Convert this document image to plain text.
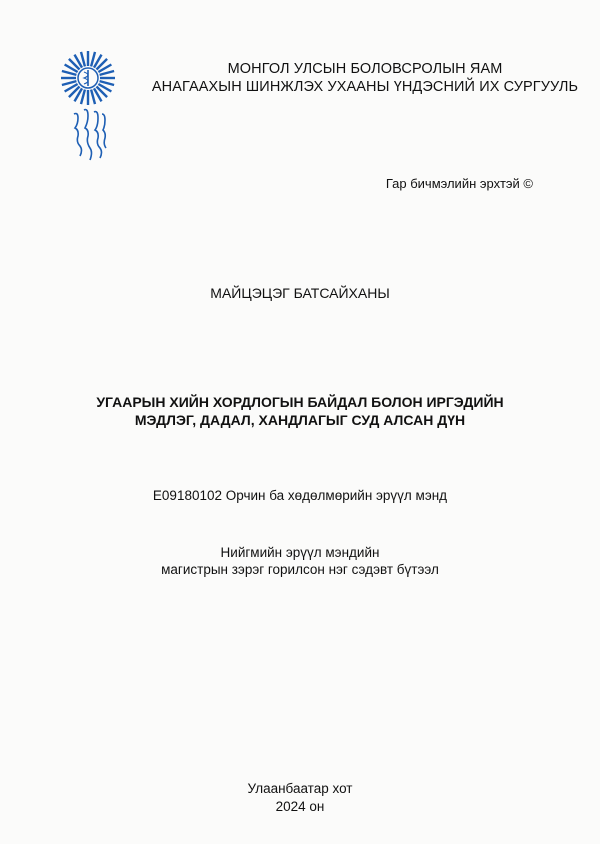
МОНГОЛ УЛСЫН БОЛОВСРОЛЫН ЯАМ
АНАГААХЫН ШИНЖЛЭХ УХААНЫ ҮНДЭСНИЙ ИХ СУРГУУЛЬ
Гар бичмэлийн эрхтэй ©
МАЙЦЭЦЭГ БАТСАЙХАНЫ
УГААРЫН ХИЙН ХОРДЛОГЫН БАЙДАЛ БОЛОН ИРГЭДИЙН
МЭДЛЭГ, ДАДАЛ, ХАНДЛАГЫГ СУД АЛСАН ДҮН
E09180102 Орчин ба хөдөлмөрийн эрүүл мэнд
Нийгмийн эрүүл мэндийн
магистрын зэрэг горилсон нэг сэдэвт бүтээл
Улаанбаатар хот
2024 он
